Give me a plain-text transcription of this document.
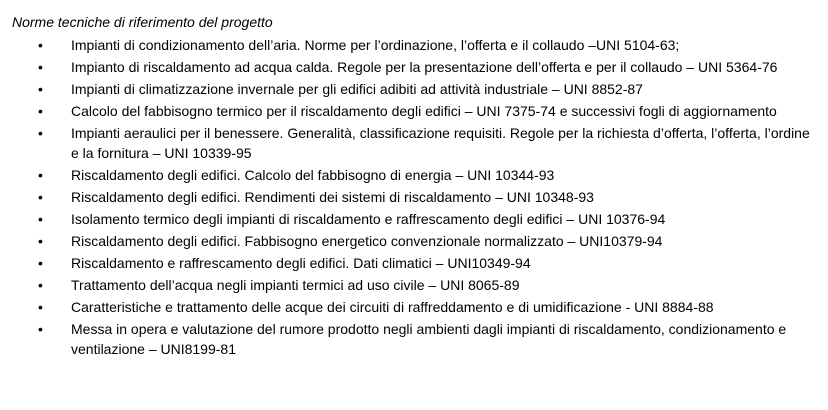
Norme tecniche di riferimento del progetto
• Impianti di condizionamento dell’aria. Norme per l’ordinazione, l’offerta e il collaudo –UNI 5104-63;
• Impianto di riscaldamento ad acqua calda. Regole per la presentazione dell’offerta e per il collaudo – UNI 5364-76
• Impianti di climatizzazione invernale per gli edifici adibiti ad attività industriale – UNI 8852-87
• Calcolo del fabbisogno termico per il riscaldamento degli edifici – UNI 7375-74 e successivi fogli di aggiornamento
• Impianti aeraulici per il benessere. Generalità, classificazione requisiti. Regole per la richiesta d’offerta, l’offerta, l’ordine e la fornitura – UNI 10339-95
• Riscaldamento degli edifici. Calcolo del fabbisogno di energia – UNI 10344-93
• Riscaldamento degli edifici. Rendimenti dei sistemi di riscaldamento – UNI 10348-93
• Isolamento termico degli impianti di riscaldamento e raffrescamento degli edifici – UNI 10376-94
• Riscaldamento degli edifici. Fabbisogno energetico convenzionale normalizzato – UNI10379-94
• Riscaldamento e raffrescamento degli edifici. Dati climatici – UNI10349-94
• Trattamento dell’acqua negli impianti termici ad uso civile – UNI 8065-89
• Caratteristiche e trattamento delle acque dei circuiti di raffreddamento e di umidificazione - UNI 8884-88
• Messa in opera e valutazione del rumore prodotto negli ambienti dagli impianti di riscaldamento, condizionamento e ventilazione – UNI8199-81
